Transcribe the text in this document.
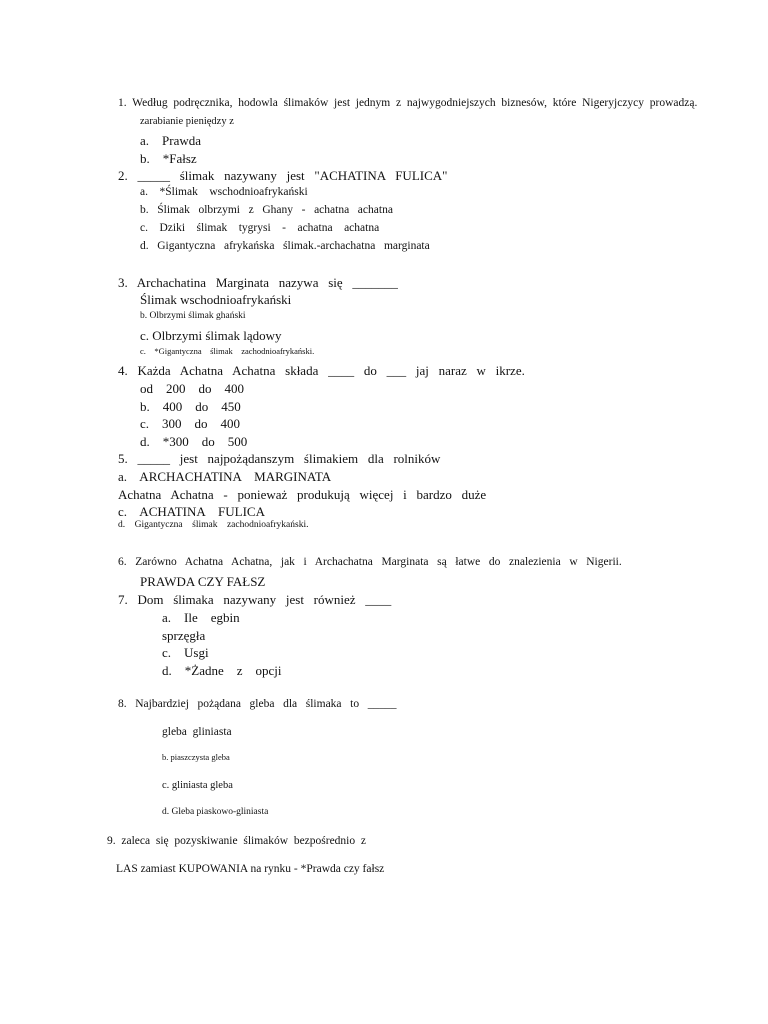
1.  Według  podręcznika,  hodowla  ślimaków  jest  jednym  z  najwygodniejszych  biznesów,  które  Nigeryjczycy  prowadzą.
zarabianie pieniędzy z
a.    Prawda
b.    *Fałsz
2.   _____   ślimak   nazywany   jest   "ACHATINA   FULICA"
a.    *Ślimak    wschodnioafrykański
b.   Ślimak   olbrzymi   z   Ghany   -   achatna   achatna
c.    Dziki    ślimak    tygrysi    -    achatna    achatna
d.   Gigantyczna   afrykańska   ślimak.-archachatna   marginata
3.   Archachatina   Marginata   nazywa   się   _______
Ślimak wschodnioafrykański
b. Olbrzymi ślimak ghański
c. Olbrzymi ślimak lądowy
c.    *Gigantyczna    ślimak    zachodnioafrykański.
4.   Każda   Achatna   Achatna   składa   ____   do   ___   jaj   naraz   w   ikrze.
od    200    do    400
b.    400    do    450
c.    300    do    400
d.    *300    do    500
5.   _____   jest   najpożądanszym   ślimakiem   dla   rolników
a.    ARCHACHATINA    MARGINATA
Achatna   Achatna   -   ponieważ   produkują   więcej   i   bardzo   duże
c.    ACHATINA    FULICA
d.    Gigantyczna    ślimak    zachodnioafrykański.
6.   Zarówno   Achatna   Achatna,   jak   i   Archachatna   Marginata   są   łatwe   do   znalezienia   w   Nigerii.
PRAWDA CZY FAŁSZ
7.   Dom   ślimaka   nazywany   jest   również   ____
a.    Ile    egbin
sprzęgła
c.    Usgi
d.    *Żadne    z    opcji
8.   Najbardziej   pożądana   gleba   dla   ślimaka   to   _____
gleba  gliniasta
b. piaszczysta gleba
c. gliniasta gleba
d. Gleba piaskowo-gliniasta
9.  zaleca  się  pozyskiwanie  ślimaków  bezpośrednio  z
LAS zamiast KUPOWANIA na rynku - *Prawda czy fałsz
